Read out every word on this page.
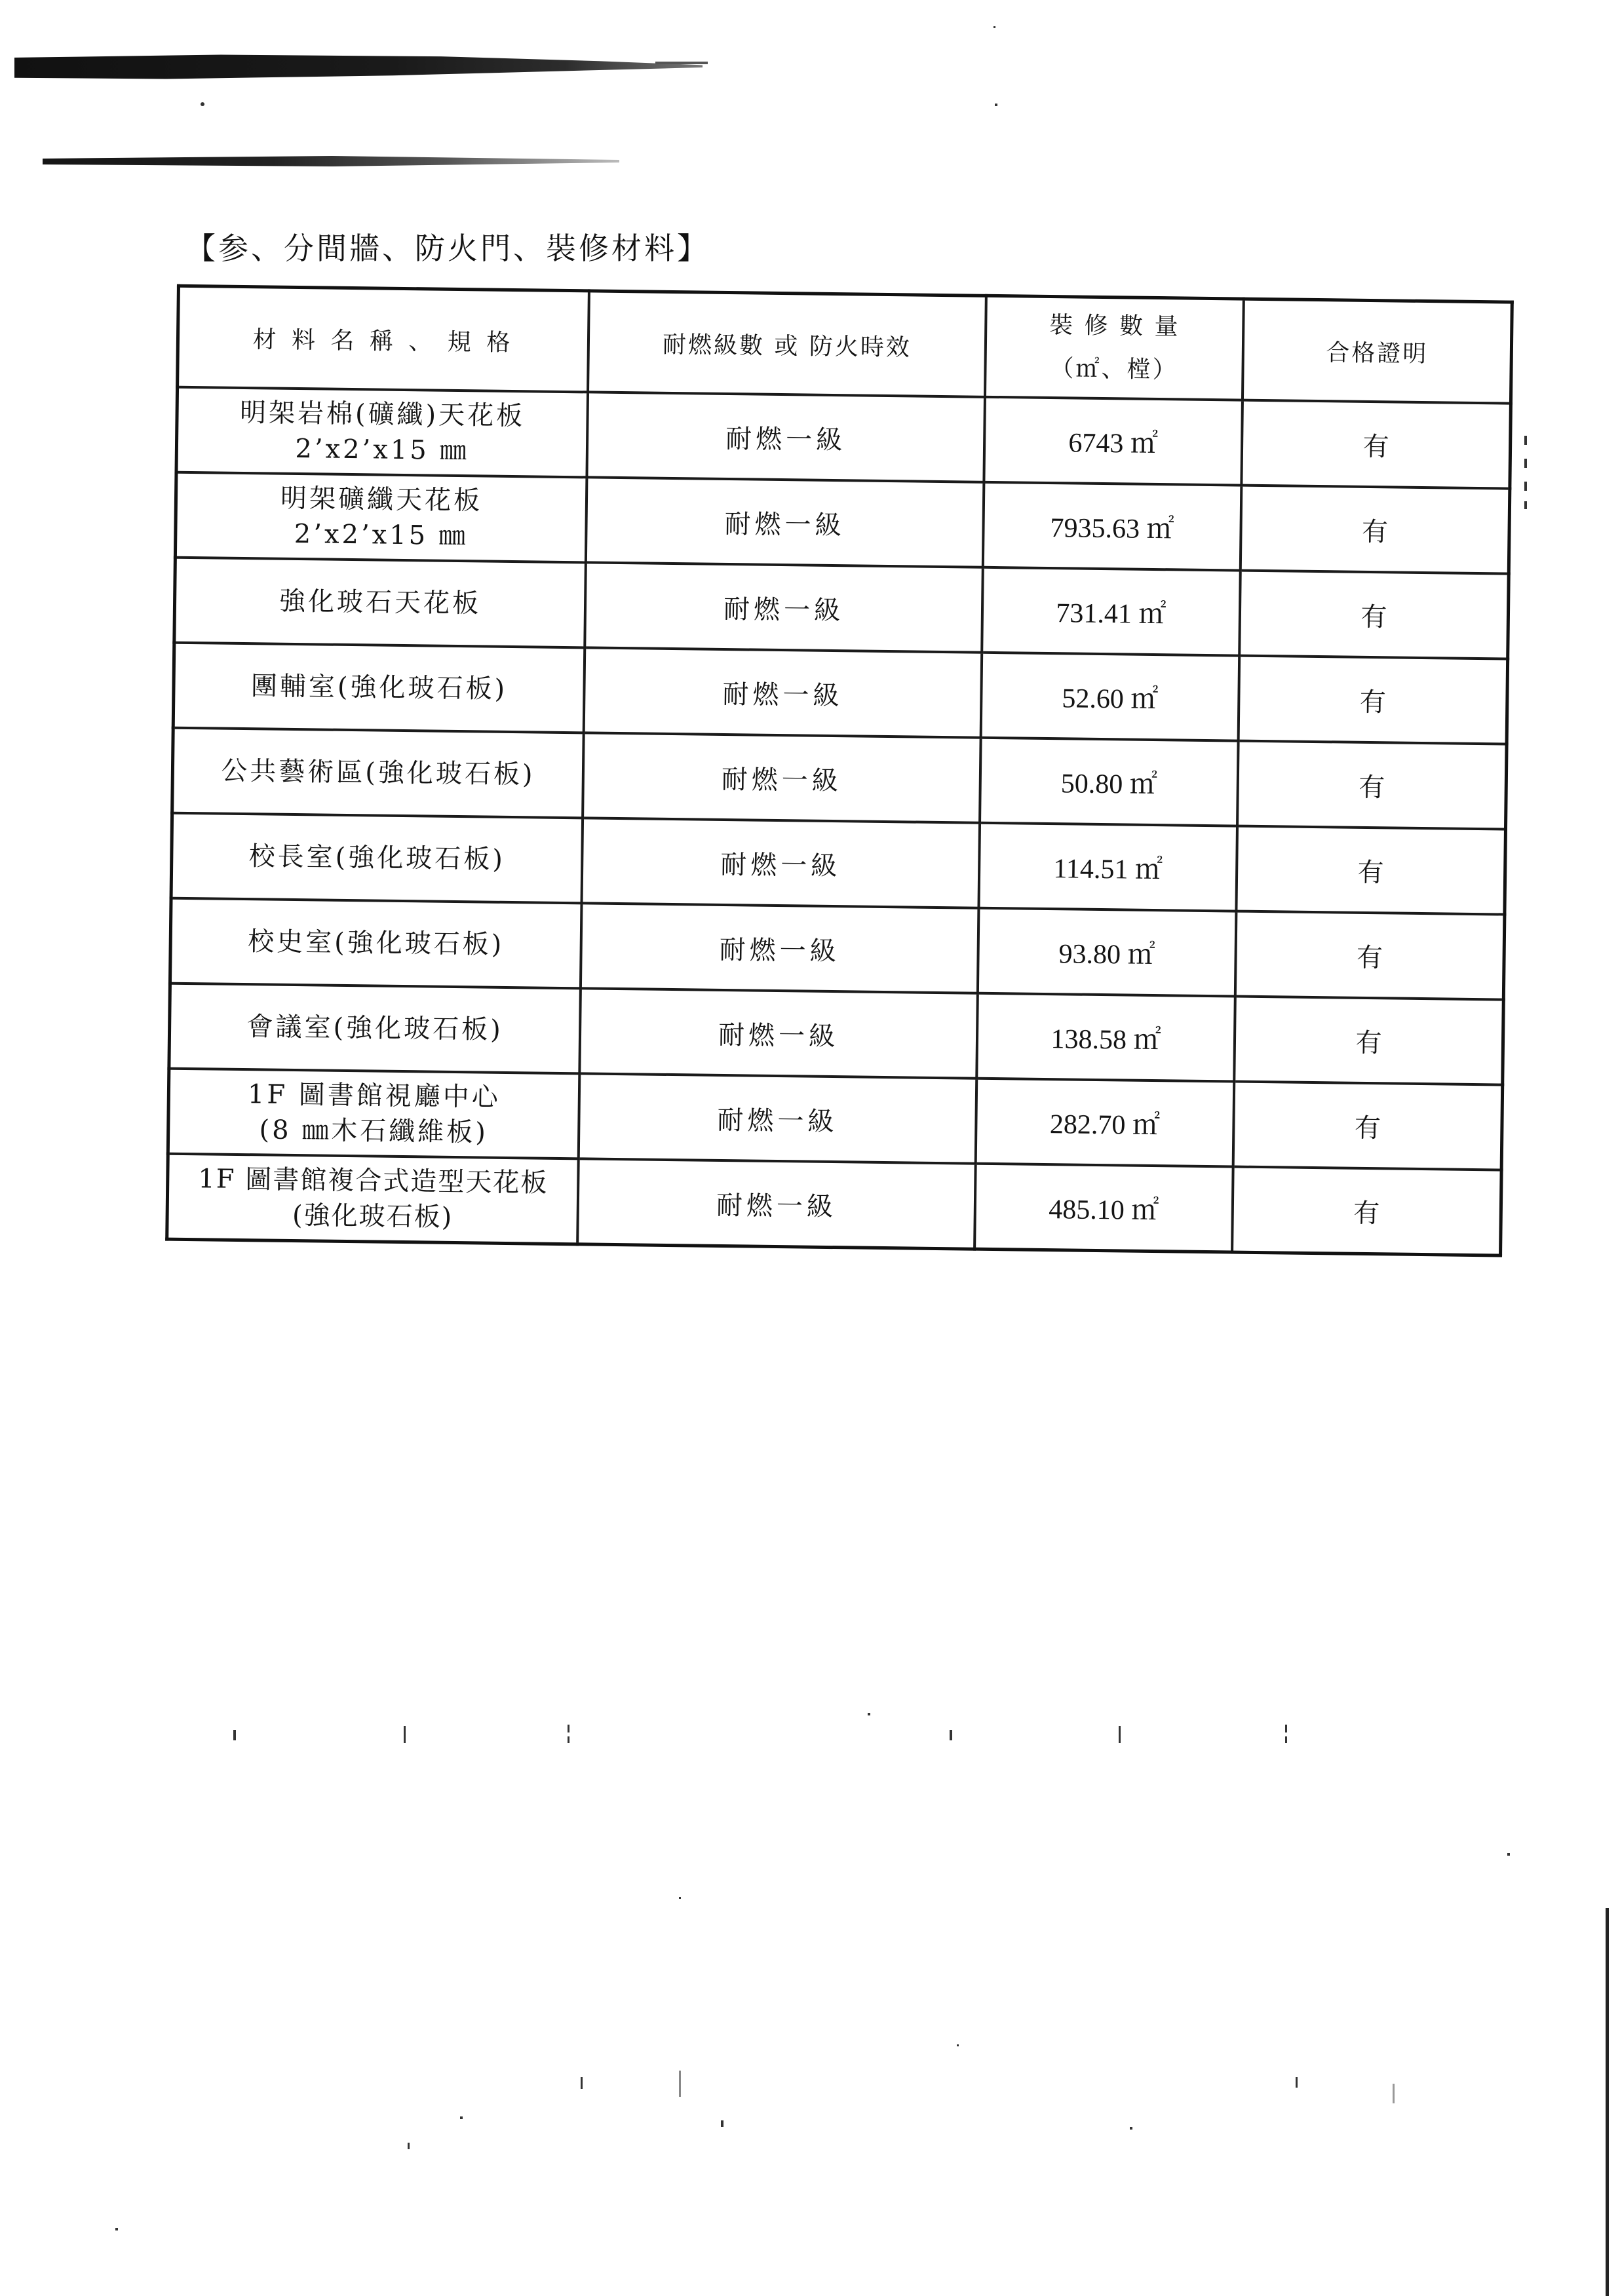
【参、分間牆、防火門、裝修材料】
材 料 名 稱 、 規 格	耐燃級數 或 防火時效	裝 修 數 量
（㎡、樘）	合格證明

明架岩棉(礦纖)天花板
2’x2’x15 ㎜	耐燃一級	6743 ㎡	有

明架礦纖天花板
2’x2’x15 ㎜	耐燃一級	7935.63 ㎡	有

強化玻石天花板	耐燃一級	731.41 ㎡	有

團輔室(強化玻石板)	耐燃一級	52.60 ㎡	有

公共藝術區(強化玻石板)	耐燃一級	50.80 ㎡	有

校長室(強化玻石板)	耐燃一級	114.51 ㎡	有

校史室(強化玻石板)	耐燃一級	93.80 ㎡	有

會議室(強化玻石板)	耐燃一級	138.58 ㎡	有

1F 圖書館視廳中心
(8 ㎜木石纖維板)	耐燃一級	282.70 ㎡	有

1F 圖書館複合式造型天花板
(強化玻石板)	耐燃一級	485.10 ㎡	有
